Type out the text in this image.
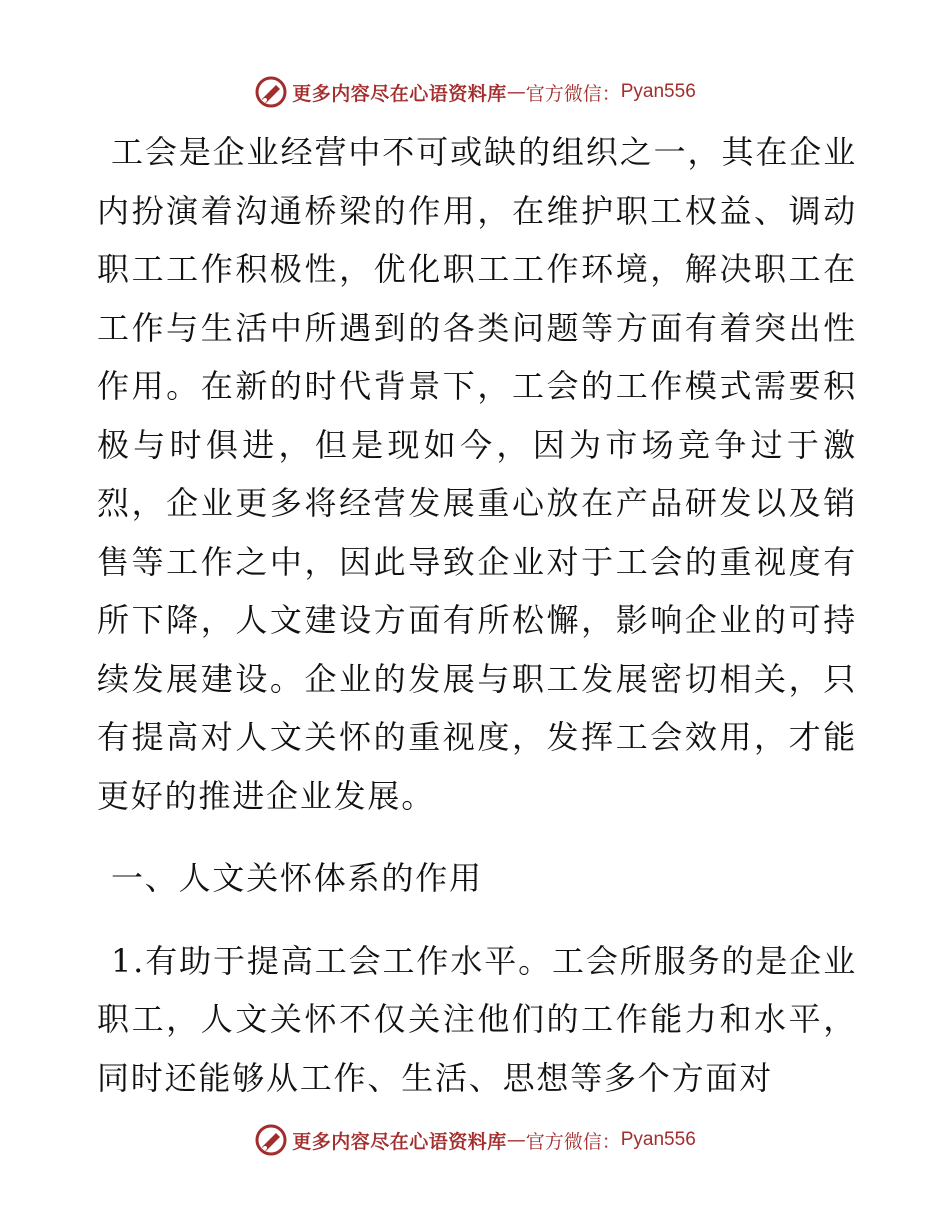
更多内容尽在心语资料库 — 官方微信： Pyan556

工会是企业经营中不可或缺的组织之一，其在企业内扮演着沟通桥梁的作用，在维护职工权益、调动职工工作积极性，优化职工工作环境，解决职工在工作与生活中所遇到的各类问题等方面有着突出性作用。在新的时代背景下，工会的工作模式需要积极与时俱进，但是现如今，因为市场竞争过于激烈，企业更多将经营发展重心放在产品研发以及销售等工作之中，因此导致企业对于工会的重视度有所下降，人文建设方面有所松懈，影响企业的可持续发展建设。企业的发展与职工发展密切相关，只有提高对人文关怀的重视度，发挥工会效用，才能更好的推进企业发展。

一、人文关怀体系的作用

1.有助于提高工会工作水平。工会所服务的是企业职工，人文关怀不仅关注他们的工作能力和水平，同时还能够从工作、生活、思想等多个方面对

更多内容尽在心语资料库 — 官方微信： Pyan556
